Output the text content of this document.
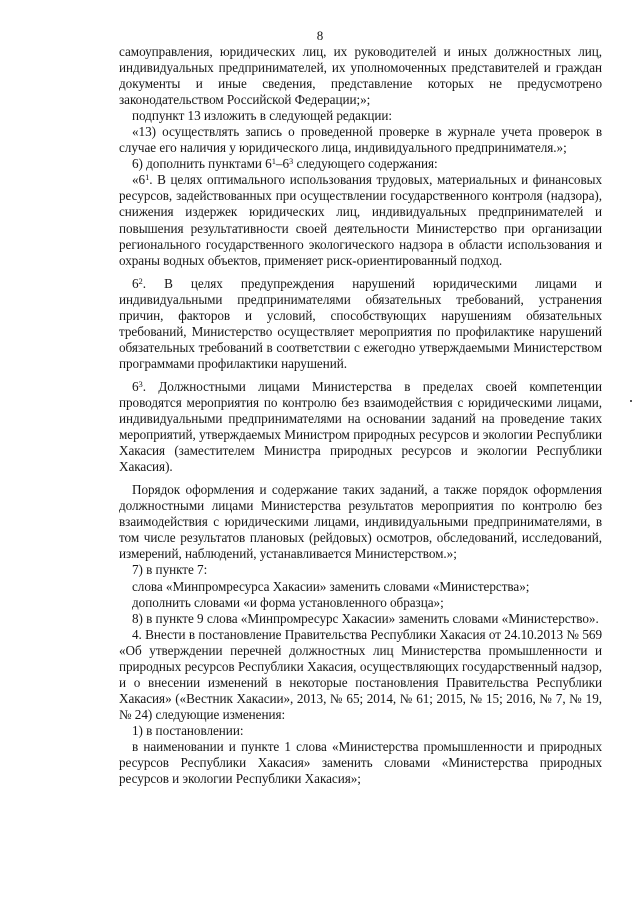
8

самоуправления, юридических лиц, их руководителей и иных должностных лиц, индивидуальных предпринимателей, их уполномоченных представителей и граждан документы и иные сведения, представление которых не предусмотрено законодательством Российской Федерации;»;

подпункт 13 изложить в следующей редакции:

«13) осуществлять запись о проведенной проверке в журнале учета проверок в случае его наличия у юридического лица, индивидуального предпринимателя.»;

6) дополнить пунктами $6^1-6^3$ следующего содержания:

«$6^1$. В целях оптимального использования трудовых, материальных и финансовых ресурсов, задействованных при осуществлении государственного контроля (надзора), снижения издержек юридических лиц, индивидуальных предпринимателей и повышения результативности своей деятельности Министерство при организации регионального государственного экологического надзора в области использования и охраны водных объектов, применяет риск-ориентированный подход.

$6^2$. В целях предупреждения нарушений юридическими лицами и индивидуальными предпринимателями обязательных требований, устранения причин, факторов и условий, способствующих нарушениям обязательных требований, Министерство осуществляет мероприятия по профилактике нарушений обязательных требований в соответствии с ежегодно утверждаемыми Министерством программами профилактики нарушений.

$6^3$. Должностными лицами Министерства в пределах своей компетенции проводятся мероприятия по контролю без взаимодействия с юридическими лицами, индивидуальными предпринимателями на основании заданий на проведение таких мероприятий, утверждаемых Министром природных ресурсов и экологии Республики Хакасия (заместителем Министра природных ресурсов и экологии Республики Хакасия).

Порядок оформления и содержание таких заданий, а также порядок оформления должностными лицами Министерства результатов мероприятия по контролю без взаимодействия с юридическими лицами, индивидуальными предпринимателями, в том числе результатов плановых (рейдовых) осмотров, обследований, исследований, измерений, наблюдений, устанавливается Министерством.»;

7) в пункте 7:

слова «Минпромресурса Хакасии» заменить словами «Министерства»;

дополнить словами «и форма установленного образца»;

8) в пункте 9 слова «Минпромресурс Хакасии» заменить словами «Министерство».

4. Внести в постановление Правительства Республики Хакасия от 24.10.2013 № 569 «Об утверждении перечней должностных лиц Министерства промышленности и природных ресурсов Республики Хакасия, осуществляющих государственный надзор, и о внесении изменений в некоторые постановления Правительства Республики Хакасия» («Вестник Хакасии», 2013, № 65; 2014, № 61; 2015, № 15; 2016, № 7, № 19, № 24) следующие изменения:

1) в постановлении:

в наименовании и пункте 1 слова «Министерства промышленности и природных ресурсов Республики Хакасия» заменить словами «Министерства природных ресурсов и экологии Республики Хакасия»;
